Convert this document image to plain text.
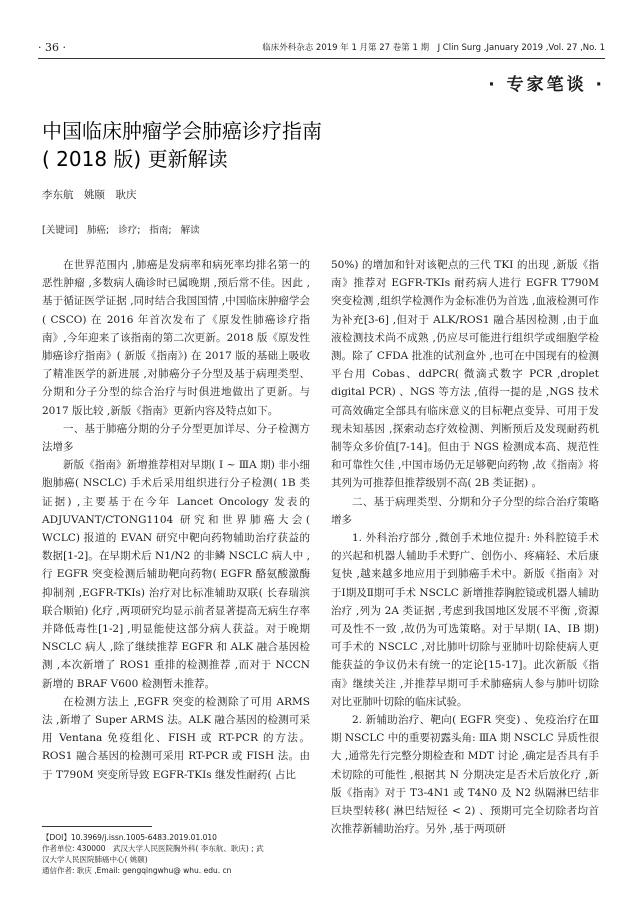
· 36 ·	临床外科杂志 2019 年 1 月第 27 卷第 1 期　J Clin Surg ,January 2019 ,Vol. 27 ,No. 1
· 专家笔谈 ·
中国临床肿瘤学会肺癌诊疗指南
( 2018 版) 更新解读
李东航　姚颐　耿庆
[关键词] 肺癌; 诊疗; 指南; 解读

在世界范围内 ,肺癌是发病率和病死率均排名第一的恶性肿瘤 ,多数病人确诊时已属晚期 ,预后常不佳。因此 ,基于循证医学证据 ,同时结合我国国情 ,中国临床肿瘤学会( CSCO) 在 2016 年首次发布了《原发性肺癌诊疗指南》,今年迎来了该指南的第二次更新。2018 版《原发性肺癌诊疗指南》( 新版《指南》) 在 2017 版的基础上吸收了精准医学的新进展 ,对肺癌分子分型及基于病理类型、分期和分子分型的综合治疗与时俱进地做出了更新。与 2017 版比较 ,新版《指南》更新内容及特点如下。

一、基于肺癌分期的分子分型更加详尽、分子检测方法增多

新版《指南》新增推荐相对早期( Ⅰ ~ ⅢA 期) 非小细胞肺癌( NSCLC) 手术后采用组织进行分子检测( 1B 类证据) ,主要基于在今年 Lancet Oncology 发表的 ADJUVANT/CTONG1104 研究和世界肺癌大会( WCLC) 报道的 EVAN 研究中靶向药物辅助治疗获益的数据[1-2]。在早期术后 N1/N2 的非鳞 NSCLC 病人中 ,行 EGFR 突变检测后辅助靶向药物( EGFR 酪氨酸激酶抑制剂 ,EGFR-TKIs) 治疗对比标准辅助双联( 长春瑞滨联合顺铂) 化疗 ,两项研究均显示前者显著提高无病生存率并降低毒性[1-2] ,明显能使这部分病人获益。对于晚期 NSCLC 病人 ,除了继续推荐 EGFR 和 ALK 融合基因检测 ,本次新增了 ROS1 重排的检测推荐 ,而对于 NCCN 新增的 BRAF V600 检测暂未推荐。

在检测方法上 ,EGFR 突变的检测除了可用 ARMS 法 ,新增了 Super ARMS 法。ALK 融合基因的检测可采用 Ventana 免疫组化、FISH 或 RT-PCR 的方法。ROS1 融合基因的检测可采用 RT-PCR 或 FISH 法。由于 T790M 突变所导致 EGFR-TKIs 继发性耐药( 占比

50%) 的增加和针对该靶点的三代 TKI 的出现 ,新版《指南》推荐对 EGFR-TKIs 耐药病人进行 EGFR T790M 突变检测 ,组织学检测作为金标准仍为首选 ,血液检测可作为补充[3-6] ,但对于 ALK/ROS1 融合基因检测 ,由于血液检测技术尚不成熟 ,仍应尽可能进行组织学或细胞学检测。除了 CFDA 批准的试剂盒外 ,也可在中国现有的检测平台用 Cobas、ddPCR( 微滴式数字 PCR ,droplet digital PCR) 、NGS 等方法 ,值得一提的是 ,NGS 技术可高效确定全部具有临床意义的目标靶点变异、可用于发现未知基因 ,探索动态疗效检测、判断预后及发现耐药机制等众多价值[7-14]。但由于 NGS 检测成本高、规范性和可靠性欠佳 ,中国市场仍无足够靶向药物 ,故《指南》将其列为可推荐但推荐级别不高( 2B 类证据) 。

二、基于病理类型、分期和分子分型的综合治疗策略增多

1. 外科治疗部分 ,微创手术地位提升: 外科腔镜手术的兴起和机器人辅助手术野广、创伤小、疼痛轻、术后康复快 ,越来越多地应用于到肺癌手术中。新版《指南》对于Ⅰ期及Ⅱ期可手术 NSCLC 新增推荐胸腔镜或机器人辅助治疗 ,列为 2A 类证据 ,考虑到我国地区发展不平衡 ,资源可及性不一致 ,故仍为可选策略。对于早期( ⅠA、ⅠB 期) 可手术的 NSCLC ,对比肺叶切除与亚肺叶切除使病人更能获益的争议仍未有统一的定论[15-17]。此次新版《指南》继续关注 ,并推荐早期可手术肺癌病人参与肺叶切除对比亚肺叶切除的临床试验。

2. 新辅助治疗、靶向( EGFR 突变) 、免疫治疗在Ⅲ期 NSCLC 中的重要初露头角: ⅢA 期 NSCLC 异质性很大 ,通常先行完整分期检查和 MDT 讨论 ,确定是否具有手术切除的可能性 ,根据其 N 分期决定是否术后放化疗 ,新版《指南》对于 T3-4N1 或 T4N0 及 N2 纵隔淋巴结非巨块型转移( 淋巴结短径 < 2) 、预期可完全切除者均首次推荐新辅助治疗。另外 ,基于两项研

【DOI】10.3969/j.issn.1005-6483.2019.01.010
作者单位: 430000　武汉大学人民医院胸外科( 李东航、耿庆) ; 武
汉大学人民医院肺癌中心( 姚颐)
通信作者: 耿庆 ,Email: gengqingwhu@ whu. edu. cn
